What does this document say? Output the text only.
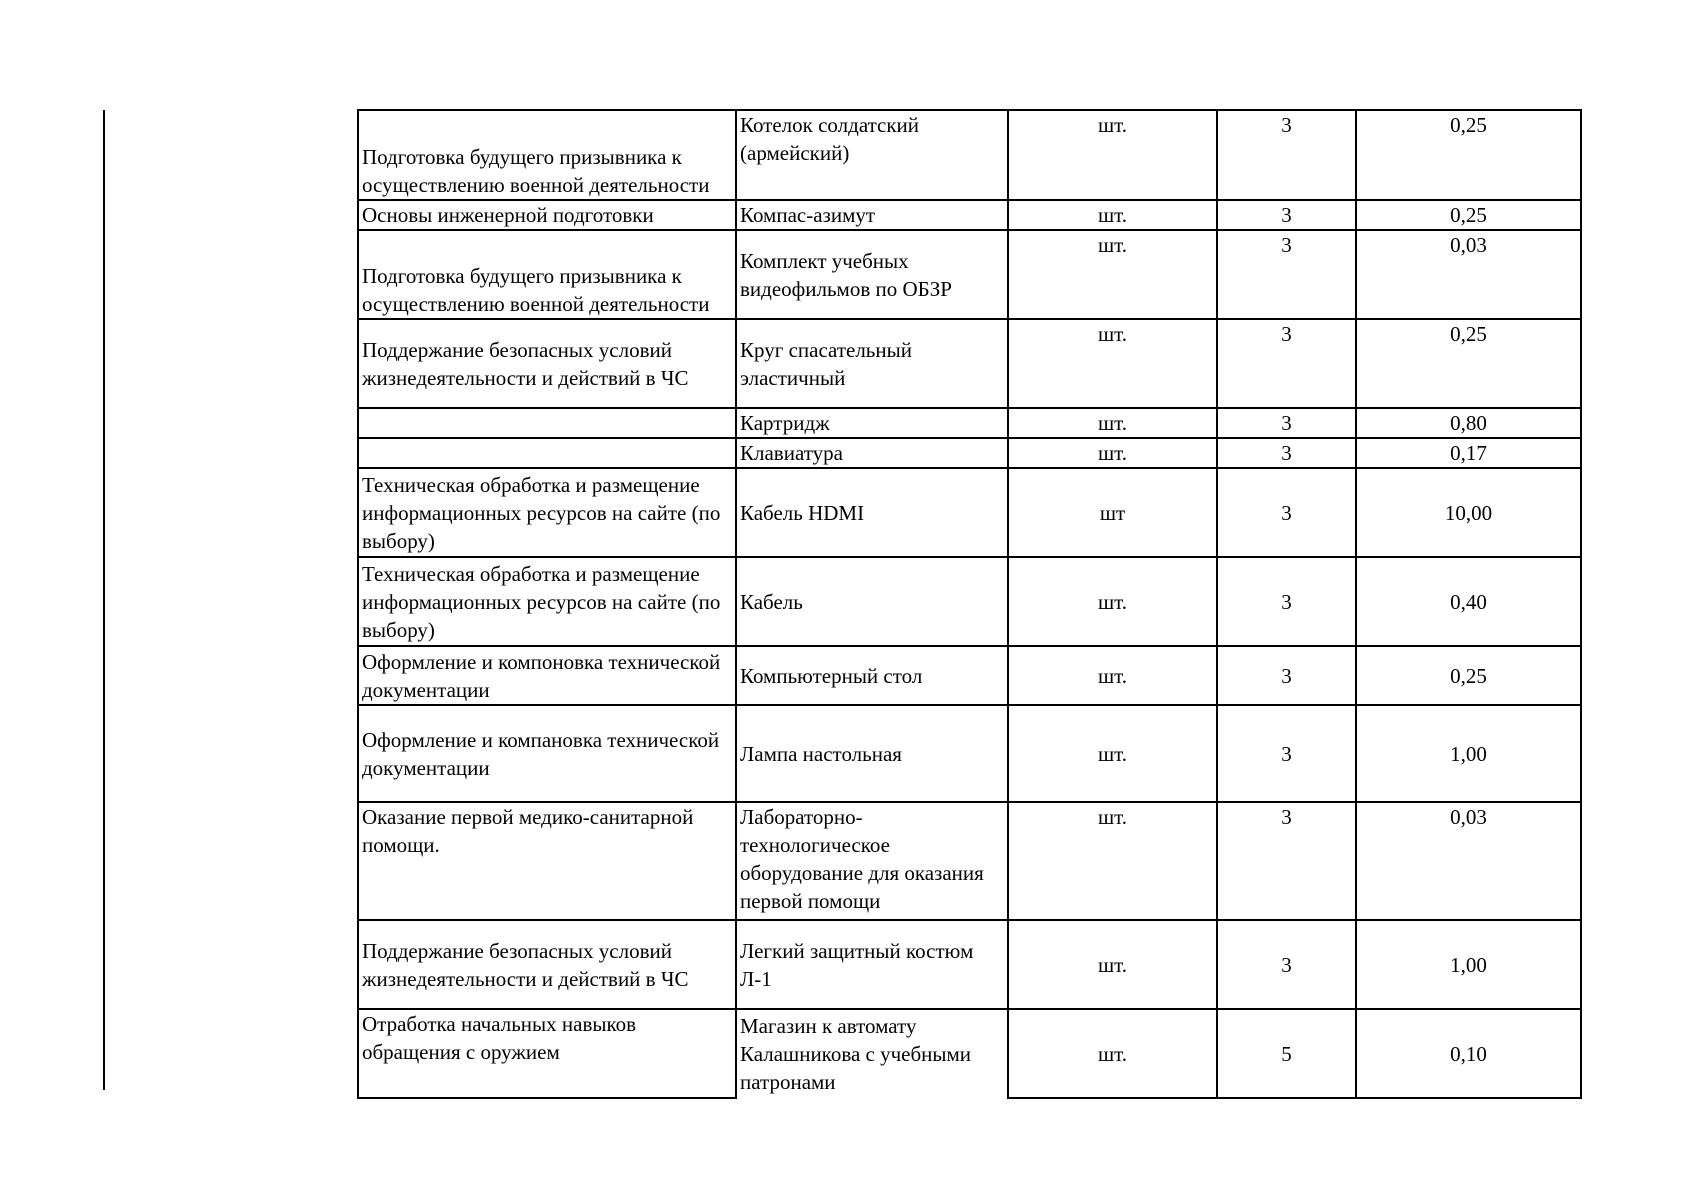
Подготовка будущего призывника к осуществлению военной деятельности	Котелок солдатский (армейский)	шт.	3	0,25
Основы инженерной подготовки	Компас-азимут	шт.	3	0,25
Подготовка будущего призывника к осуществлению военной деятельности	Комплект учебных видеофильмов по ОБЗР	шт.	3	0,03
Поддержание безопасных условий жизнедеятельности и действий в ЧС	Круг спасательный эластичный	шт.	3	0,25
	Картридж	шт.	3	0,80
	Клавиатура	шт.	3	0,17
Техническая обработка и размещение информационных ресурсов на сайте (по выбору)	Кабель HDMI	шт	3	10,00
Техническая обработка и размещение информационных ресурсов на сайте (по выбору)	Кабель	шт.	3	0,40
Оформление и компоновка технической документации	Компьютерный стол	шт.	3	0,25
Оформление и компановка технической документации	Лампа настольная	шт.	3	1,00
Оказание первой медико-санитарной помощи.	Лабораторно-технологическое оборудование для оказания первой помощи	шт.	3	0,03
Поддержание безопасных условий жизнедеятельности и действий в ЧС	Легкий защитный костюм Л-1	шт.	3	1,00
Отработка начальных навыков обращения с оружием	Магазин к автомату Калашникова с учебными патронами	шт.	5	0,10
